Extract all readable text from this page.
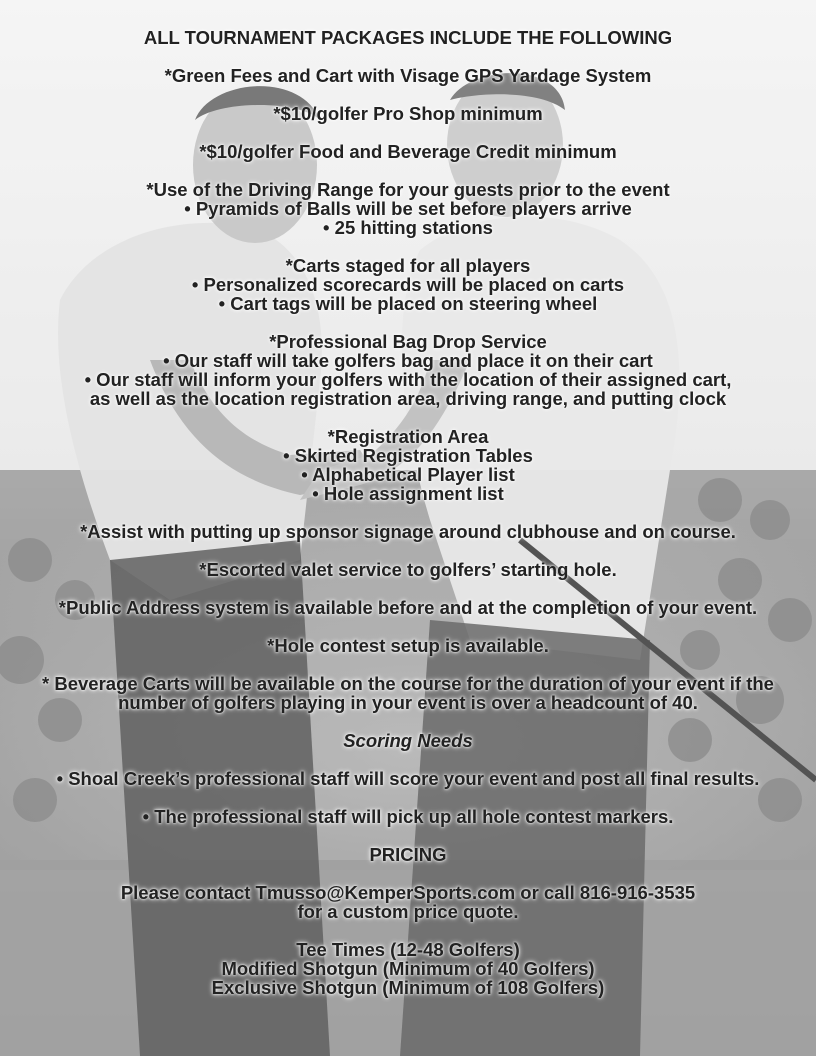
ALL TOURNAMENT PACKAGES INCLUDE THE FOLLOWING
*Green Fees and Cart with Visage GPS Yardage System
*$10/golfer Pro Shop minimum
*$10/golfer Food and Beverage Credit minimum
*Use of the Driving Range for your guests prior to the event
• Pyramids of Balls will be set before players arrive
• 25 hitting stations
*Carts staged for all players
• Personalized scorecards will be placed on carts
• Cart tags will be placed on steering wheel
*Professional Bag Drop Service
• Our staff will take golfers bag and place it on their cart
• Our staff will inform your golfers with the location of their assigned cart,
as well as the location registration area, driving range, and putting clock
*Registration Area
• Skirted Registration Tables
• Alphabetical Player list
• Hole assignment list
*Assist with putting up sponsor signage around clubhouse and on course.
*Escorted valet service to golfers’ starting hole.
*Public Address system is available before and at the completion of your event.
*Hole contest setup is available.
* Beverage Carts will be available on the course for the duration of your event if the
number of golfers playing in your event is over a headcount of 40.
Scoring Needs
• Shoal Creek’s professional staff will score your event and post all final results.
• The professional staff will pick up all hole contest markers.
PRICING
Please contact Tmusso@KemperSports.com or call 816-916-3535
for a custom price quote.
Tee Times (12-48 Golfers)
Modified Shotgun (Minimum of 40 Golfers)
Exclusive Shotgun (Minimum of 108 Golfers)
